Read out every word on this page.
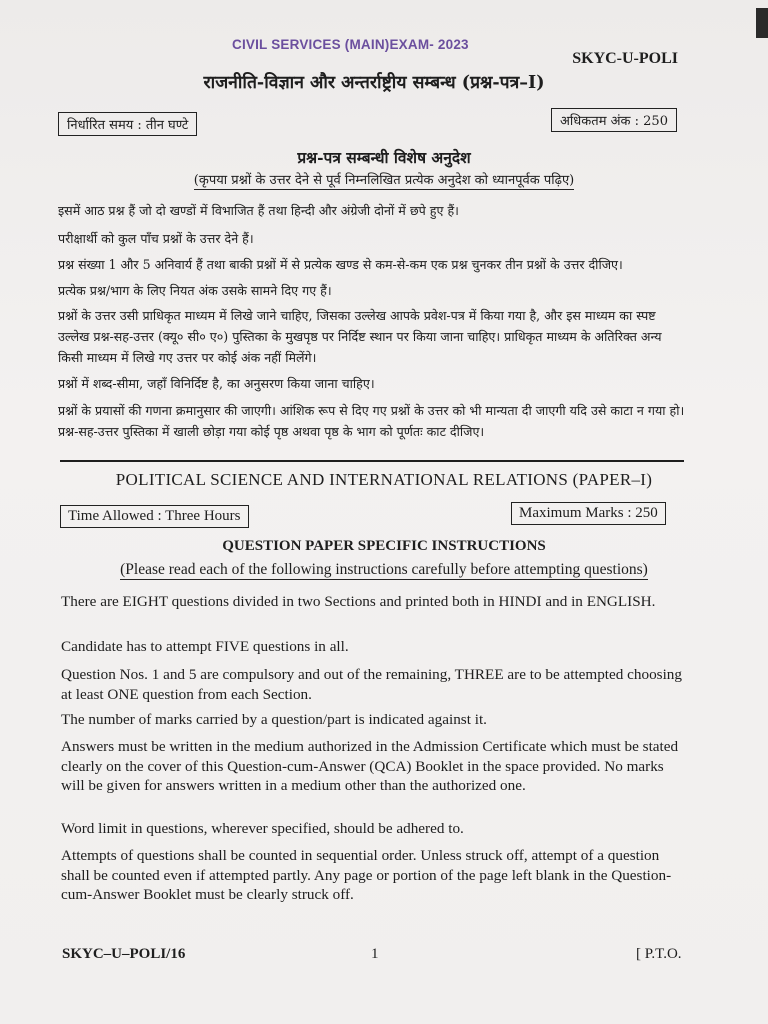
CIVIL SERVICES (MAIN)EXAM- 2023
SKYC-U-POLI
राजनीति-विज्ञान और अन्तर्राष्ट्रीय सम्बन्ध (प्रश्न-पत्र–I)
निर्धारित समय : तीन घण्टे	अधिकतम अंक : 250
प्रश्न-पत्र सम्बन्धी विशेष अनुदेश
(कृपया प्रश्नों के उत्तर देने से पूर्व निम्नलिखित प्रत्येक अनुदेश को ध्यानपूर्वक पढ़िए)
इसमें आठ प्रश्न हैं जो दो खण्डों में विभाजित हैं तथा हिन्दी और अंग्रेजी दोनों में छपे हुए हैं।
परीक्षार्थी को कुल पाँच प्रश्नों के उत्तर देने हैं।
प्रश्न संख्या 1 और 5 अनिवार्य हैं तथा बाकी प्रश्नों में से प्रत्येक खण्ड से कम-से-कम एक प्रश्न चुनकर तीन प्रश्नों के उत्तर दीजिए।
प्रत्येक प्रश्न/भाग के लिए नियत अंक उसके सामने दिए गए हैं।
प्रश्नों के उत्तर उसी प्राधिकृत माध्यम में लिखे जाने चाहिए, जिसका उल्लेख आपके प्रवेश-पत्र में किया गया है, और इस माध्यम का स्पष्ट उल्लेख प्रश्न-सह-उत्तर (क्यू० सी० ए०) पुस्तिका के मुखपृष्ठ पर निर्दिष्ट स्थान पर किया जाना चाहिए। प्राधिकृत माध्यम के अतिरिक्त अन्य किसी माध्यम में लिखे गए उत्तर पर कोई अंक नहीं मिलेंगे।
प्रश्नों में शब्द-सीमा, जहाँ विनिर्दिष्ट है, का अनुसरण किया जाना चाहिए।
प्रश्नों के प्रयासों की गणना क्रमानुसार की जाएगी। आंशिक रूप से दिए गए प्रश्नों के उत्तर को भी मान्यता दी जाएगी यदि उसे काटा न गया हो। प्रश्न-सह-उत्तर पुस्तिका में खाली छोड़ा गया कोई पृष्ठ अथवा पृष्ठ के भाग को पूर्णतः काट दीजिए।
POLITICAL SCIENCE AND INTERNATIONAL RELATIONS (PAPER–I)
Time Allowed : Three Hours	Maximum Marks : 250
QUESTION PAPER SPECIFIC INSTRUCTIONS
(Please read each of the following instructions carefully before attempting questions)

There are EIGHT questions divided in two Sections and printed both in HINDI and in ENGLISH.

Candidate has to attempt FIVE questions in all.

Question Nos. 1 and 5 are compulsory and out of the remaining, THREE are to be attempted choosing at least ONE question from each Section.

The number of marks carried by a question/part is indicated against it.

Answers must be written in the medium authorized in the Admission Certificate which must be stated clearly on the cover of this Question-cum-Answer (QCA) Booklet in the space provided. No marks will be given for answers written in a medium other than the authorized one.

Word limit in questions, wherever specified, should be adhered to.

Attempts of questions shall be counted in sequential order. Unless struck off, attempt of a question shall be counted even if attempted partly. Any page or portion of the page left blank in the Question-cum-Answer Booklet must be clearly struck off.

SKYC–U–POLI/16	1	[ P.T.O.
